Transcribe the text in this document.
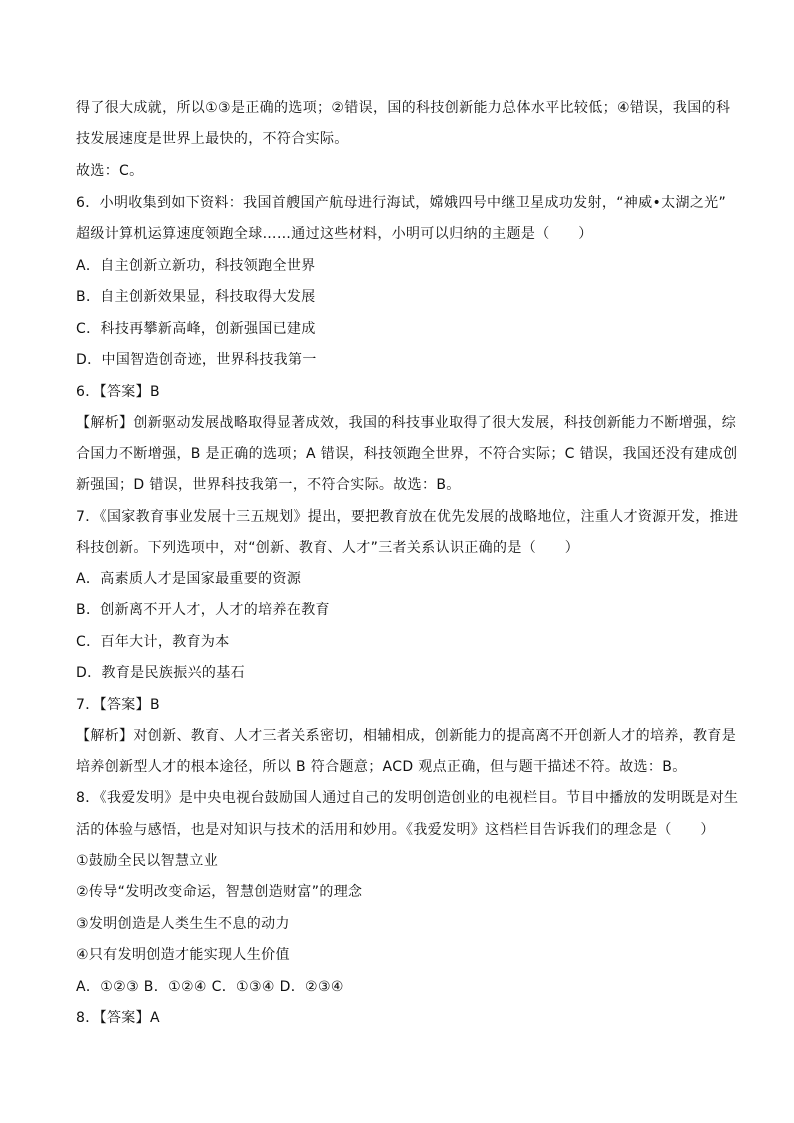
得了很大成就，所以①③是正确的选项；②错误，国的科技创新能力总体水平比较低；④错误，我国的科
技发展速度是世界上最快的，不符合实际。
故选：C。
6．小明收集到如下资料：我国首艘国产航母进行海试，嫦娥四号中继卫星成功发射，“神威•太湖之光”
超级计算机运算速度领跑全球……通过这些材料，小明可以归纳的主题是（　　）
A．自主创新立新功，科技领跑全世界
B．自主创新效果显，科技取得大发展
C．科技再攀新高峰，创新强国已建成
D．中国智造创奇迹，世界科技我第一
6．【答案】B
【解析】创新驱动发展战略取得显著成效，我国的科技事业取得了很大发展，科技创新能力不断增强，综
合国力不断增强，B 是正确的选项；A 错误，科技领跑全世界，不符合实际；C 错误，我国还没有建成创
新强国；D 错误，世界科技我第一，不符合实际。故选：B。
7．《国家教育事业发展十三五规划》提出，要把教育放在优先发展的战略地位，注重人才资源开发，推进
科技创新。下列选项中，对“创新、教育、人才”三者关系认识正确的是（　　）
A．高素质人才是国家最重要的资源
B．创新离不开人才，人才的培养在教育
C．百年大计，教育为本
D．教育是民族振兴的基石
7．【答案】B
【解析】对创新、教育、人才三者关系密切，相辅相成，创新能力的提高离不开创新人才的培养，教育是
培养创新型人才的根本途径，所以 B 符合题意；ACD 观点正确，但与题干描述不符。故选：B。
8．《我爱发明》是中央电视台鼓励国人通过自己的发明创造创业的电视栏目。节目中播放的发明既是对生
活的体验与感悟，也是对知识与技术的活用和妙用。《我爱发明》这档栏目告诉我们的理念是（　　）
①鼓励全民以智慧立业
②传导“发明改变命运，智慧创造财富”的理念
③发明创造是人类生生不息的动力
④只有发明创造才能实现人生价值
A．①②③ B．①②④ C．①③④ D．②③④
8．【答案】A
